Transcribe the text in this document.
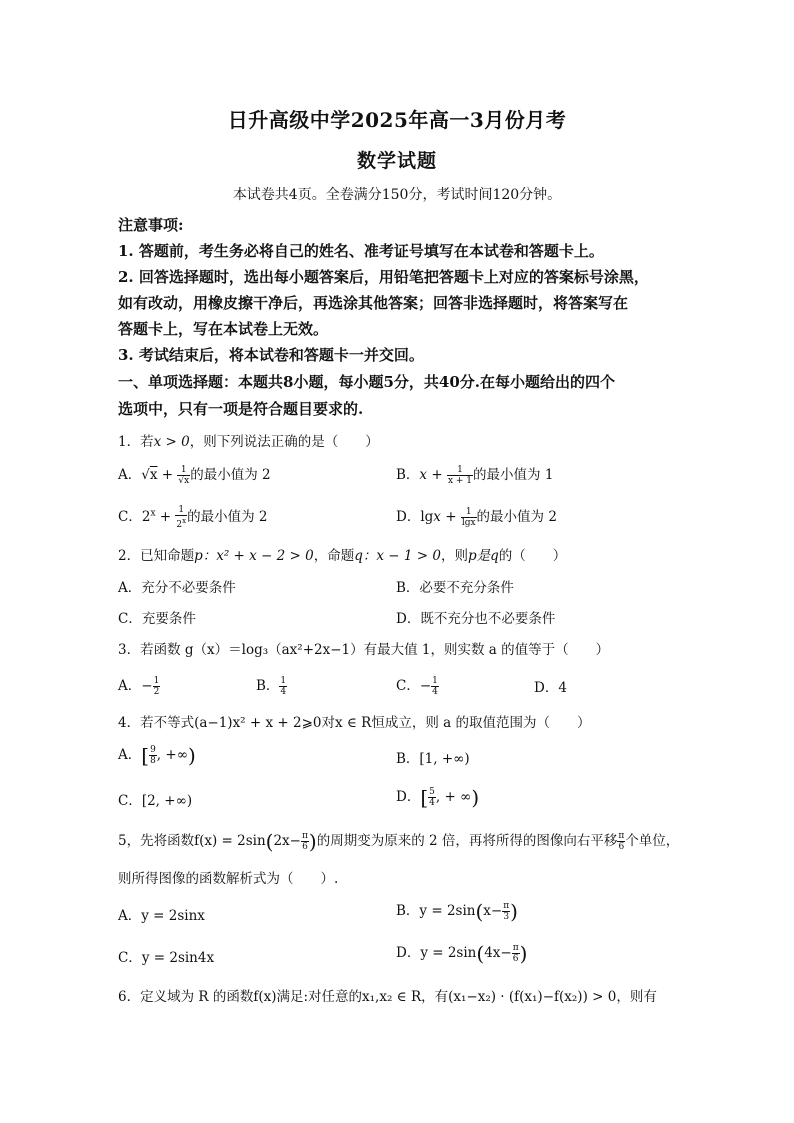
日升高级中学2025年高一3月份月考
数学试题
本试卷共4页。全卷满分150分，考试时间120分钟。
注意事项:
1. 答题前，考生务必将自己的姓名、准考证号填写在本试卷和答题卡上。
2. 回答选择题时，选出每小题答案后，用铅笔把答题卡上对应的答案标号涂黑，
如有改动，用橡皮擦干净后，再选涂其他答案；回答非选择题时，将答案写在
答题卡上，写在本试卷上无效。
3. 考试结束后，将本试卷和答题卡一并交回。
一、单项选择题：本题共8小题，每小题5分，共40分.在每小题给出的四个
选项中，只有一项是符合题目要求的.
1．若x > 0，则下列说法正确的是（　　）
A．$√x + \frac{1}{√x}$ 的最小值为 2	B．$x + \frac{1}{x + 1}$ 的最小值为 1
C．$2^x + \frac{1}{2^x}$ 的最小值为 2	D．$\lg x + \frac{1}{\lg x}$ 的最小值为 2
2．已知命题p：x² + x − 2 > 0，命题q：x − 1 > 0，则p是q的（　　）
A．充分不必要条件	B．必要不充分条件
C．充要条件	D．既不充分也不必要条件
3．若函数 g（x）＝log₃（ax²+2x−1）有最大值 1，则实数 a 的值等于（　　）
A．− $\frac{1}{2}$	B． $\frac{1}{4}$	C．− $\frac{1}{4}$	D．4
4．若不等式(a−1)x² + x + 2⩾0对x ∈ R恒成立，则 a 的取值范围为（　　）
A．[ $\frac{9}{8}$ , +∞)	B．[1, +∞)
C．[2, +∞)	D．[ $\frac{5}{4}$ , + ∞)
5，先将函数$f(x) = 2\sin(2x- \frac{\pi}{6}$ )的周期变为原来的 2 倍，再将所得的图像向右平移 $\frac{\pi}{6}$ 个单位，
则所得图像的函数解析式为（　　）.
A．y = 2sinx	B．$y = 2\sin(x- \frac{\pi}{3}$ )
C．y = 2sin4x	D．$y = 2\sin(4x- \frac{\pi}{6}$ )
6．定义域为 R 的函数f(x)满足:对任意的x₁,x₂ ∈ R，有(x₁−x₂) · (f(x₁)−f(x₂)) > 0，则有
